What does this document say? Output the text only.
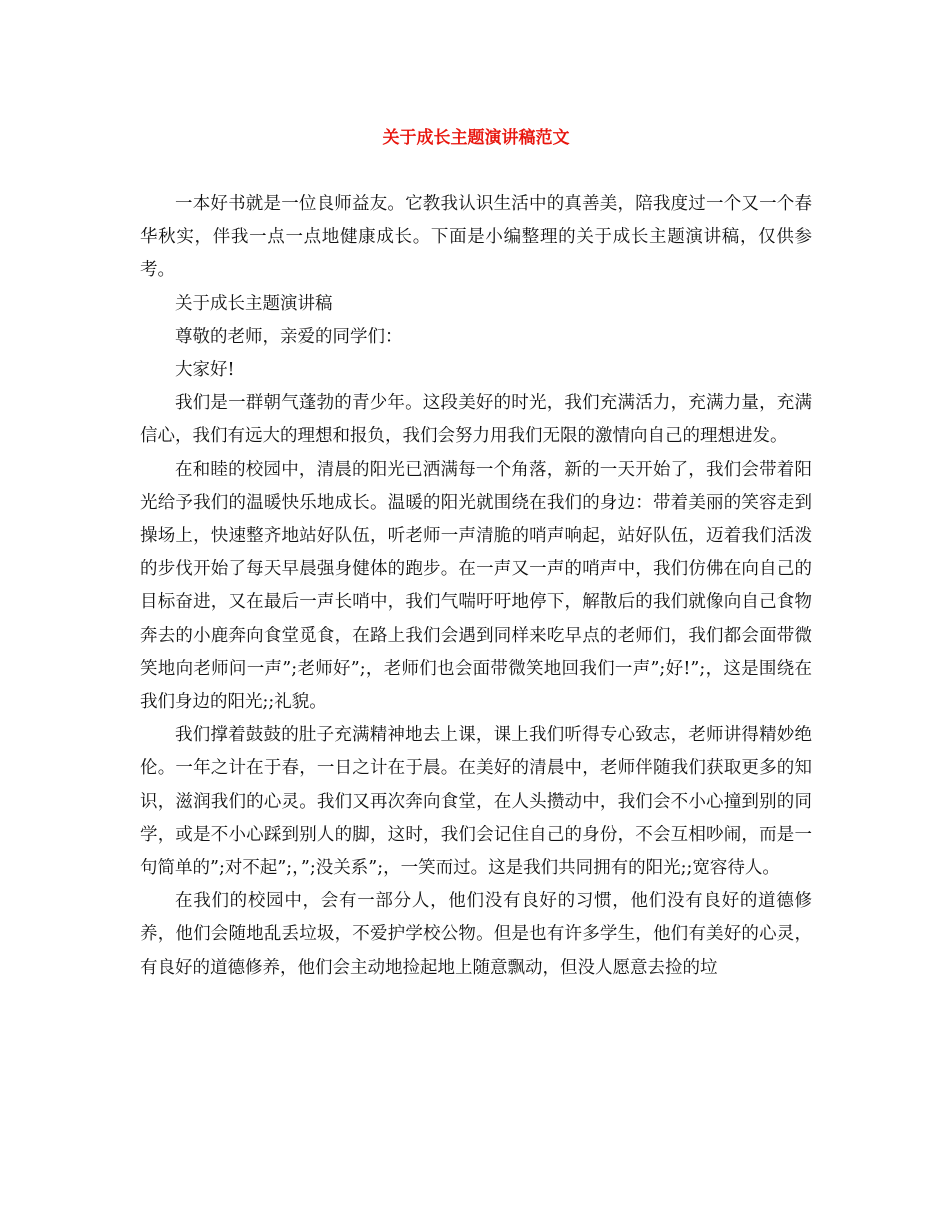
关于成长主题演讲稿范文

一本好书就是一位良师益友。它教我认识生活中的真善美，陪我度过一个又一个春华秋实，伴我一点一点地健康成长。下面是小编整理的关于成长主题演讲稿，仅供参考。

关于成长主题演讲稿

尊敬的老师，亲爱的同学们：

大家好!

我们是一群朝气蓬勃的青少年。这段美好的时光，我们充满活力，充满力量，充满信心，我们有远大的理想和报负，我们会努力用我们无限的激情向自己的理想进发。

在和睦的校园中，清晨的阳光已洒满每一个角落，新的一天开始了，我们会带着阳光给予我们的温暖快乐地成长。温暖的阳光就围绕在我们的身边：带着美丽的笑容走到操场上，快速整齐地站好队伍，听老师一声清脆的哨声响起，站好队伍，迈着我们活泼的步伐开始了每天早晨强身健体的跑步。在一声又一声的哨声中，我们仿佛在向自己的目标奋进，又在最后一声长哨中，我们气喘吁吁地停下，解散后的我们就像向自己食物奔去的小鹿奔向食堂觅食，在路上我们会遇到同样来吃早点的老师们，我们都会面带微笑地向老师问一声”;老师好”;，老师们也会面带微笑地回我们一声”;好!”;，这是围绕在我们身边的阳光;;礼貌。

我们撑着鼓鼓的肚子充满精神地去上课，课上我们听得专心致志，老师讲得精妙绝伦。一年之计在于春，一日之计在于晨。在美好的清晨中，老师伴随我们获取更多的知识，滋润我们的心灵。我们又再次奔向食堂，在人头攒动中，我们会不小心撞到别的同学，或是不小心踩到别人的脚，这时，我们会记住自己的身份，不会互相吵闹，而是一句简单的”;对不起”;，”;没关系”;，一笑而过。这是我们共同拥有的阳光;;宽容待人。

在我们的校园中，会有一部分人，他们没有良好的习惯，他们没有良好的道德修养，他们会随地乱丢垃圾，不爱护学校公物。但是也有许多学生，他们有美好的心灵，有良好的道德修养，他们会主动地捡起地上随意飘动，但没人愿意去捡的垃
